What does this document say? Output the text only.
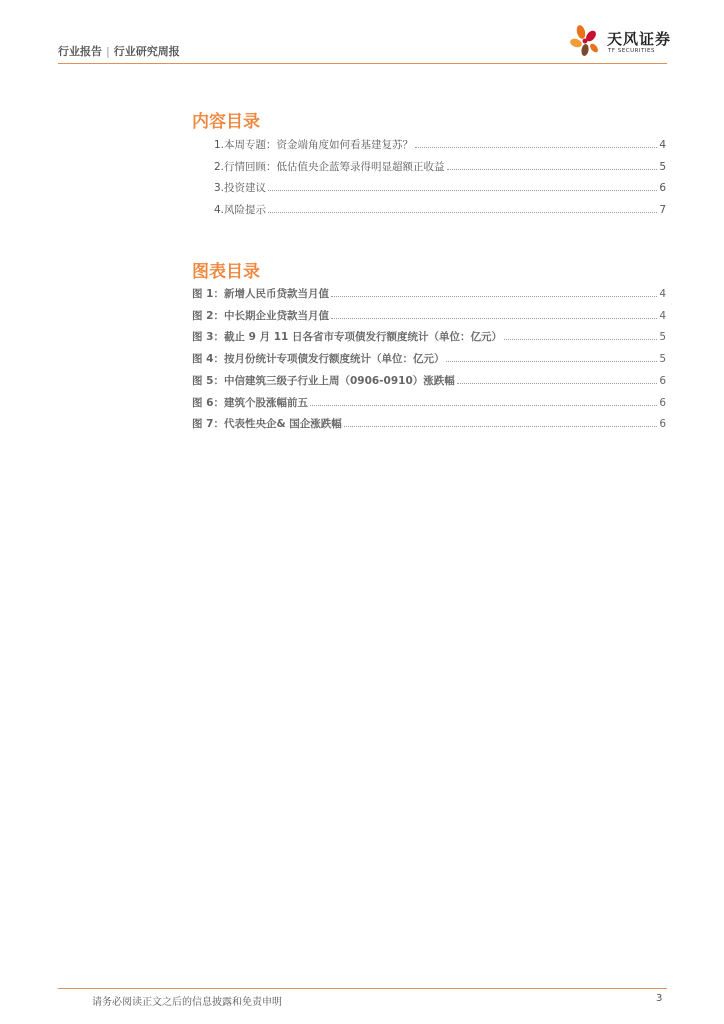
行业报告 | 行业研究周报
天风证券
TF SECURITIES
内容目录
1.本周专题：资金端角度如何看基建复苏？	4
2.行情回顾：低估值央企蓝筹录得明显超额正收益	5
3.投资建议	6
4.风险提示	7
图表目录
图 1：新增人民币贷款当月值	4
图 2：中长期企业贷款当月值	4
图 3：截止 9 月 11 日各省市专项债发行额度统计（单位：亿元）	5
图 4：按月份统计专项债发行额度统计（单位：亿元）	5
图 5：中信建筑三级子行业上周（0906-0910）涨跌幅	6
图 6：建筑个股涨幅前五	6
图 7：代表性央企& 国企涨跌幅	6
请务必阅读正文之后的信息披露和免责申明	3
